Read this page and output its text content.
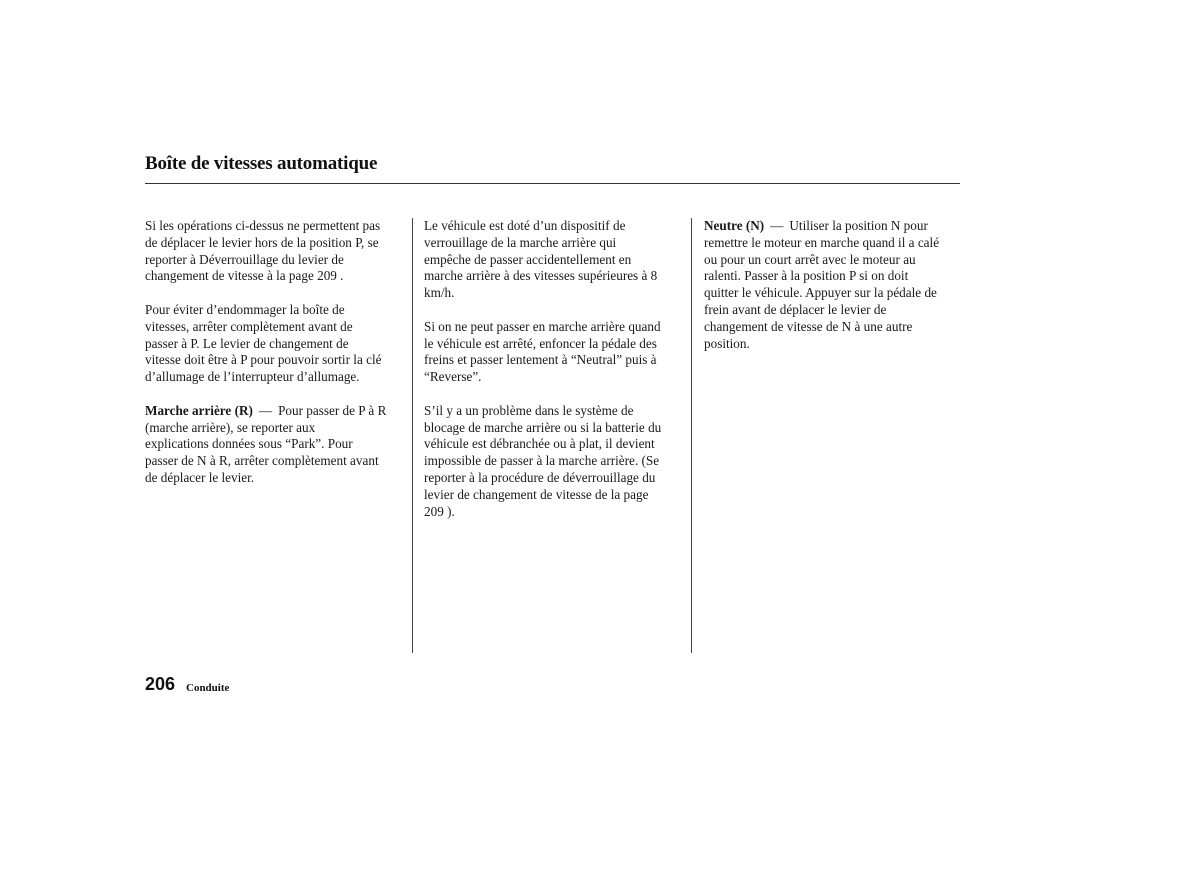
Boîte de vitesses automatique

Si les opérations ci-dessus ne permettent pas
de déplacer le levier hors de la position P, se
reporter à Déverrouillage du levier de
changement de vitesse à la page 209 .

Pour éviter d’endommager la boîte de
vitesses, arrêter complètement avant de
passer à P. Le levier de changement de
vitesse doit être à P pour pouvoir sortir la clé
d’allumage de l’interrupteur d’allumage.

Marche arrière (R) — Pour passer de P à R
(marche arrière), se reporter aux
explications données sous “Park”. Pour
passer de N à R, arrêter complètement avant
de déplacer le levier.

Le véhicule est doté d’un dispositif de
verrouillage de la marche arrière qui
empêche de passer accidentellement en
marche arrière à des vitesses supérieures à 8
km/h.

Si on ne peut passer en marche arrière quand
le véhicule est arrêté, enfoncer la pédale des
freins et passer lentement à “Neutral” puis à
“Reverse”.

S’il y a un problème dans le système de
blocage de marche arrière ou si la batterie du
véhicule est débranchée ou à plat, il devient
impossible de passer à la marche arrière. (Se
reporter à la procédure de déverrouillage du
levier de changement de vitesse de la page
209 ).

Neutre (N) — Utiliser la position N pour
remettre le moteur en marche quand il a calé
ou pour un court arrêt avec le moteur au
ralenti. Passer à la position P si on doit
quitter le véhicule. Appuyer sur la pédale de
frein avant de déplacer le levier de
changement de vitesse de N à une autre
position.

206 Conduite
